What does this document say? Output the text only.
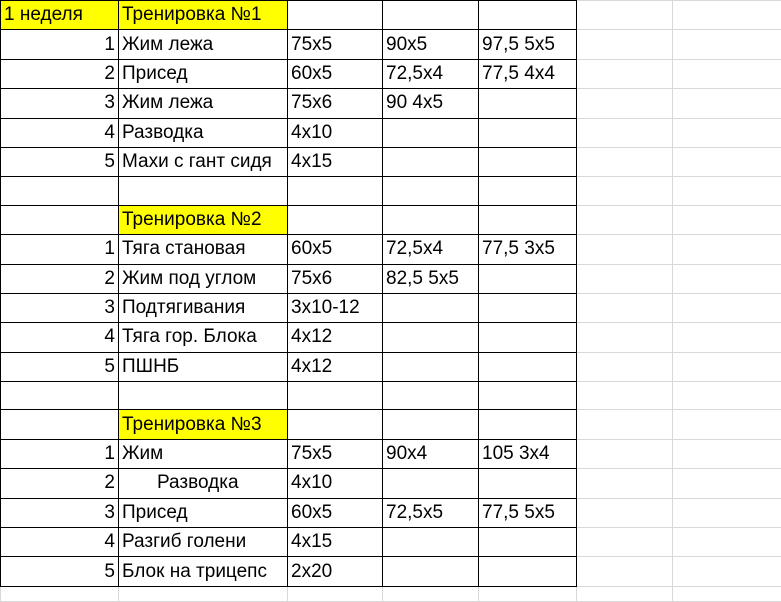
1 неделя	Тренировка №1					
1	Жим лежа	75х5	90х5	97,5 5х5		
2	Присед	60х5	72,5х4	77,5 4х4		
3	Жим лежа	75х6	90 4х5			
4	Разводка	4х10				
5	Махи с гант сидя	4х15				

	Тренировка №2					
1	Тяга становая	60х5	72,5х4	77,5 3х5		
2	Жим под углом	75х6	82,5 5х5			
3	Подтягивания	3х10-12				
4	Тяга гор. Блока	4х12				
5	ПШНБ	4х12				

	Тренировка №3					
1	Жим	75х5	90х4	105 3х4		
2	Разводка	4х10				
3	Присед	60х5	72,5х5	77,5 5х5		
4	Разгиб голени	4х15				
5	Блок на трицепс	2х20				
